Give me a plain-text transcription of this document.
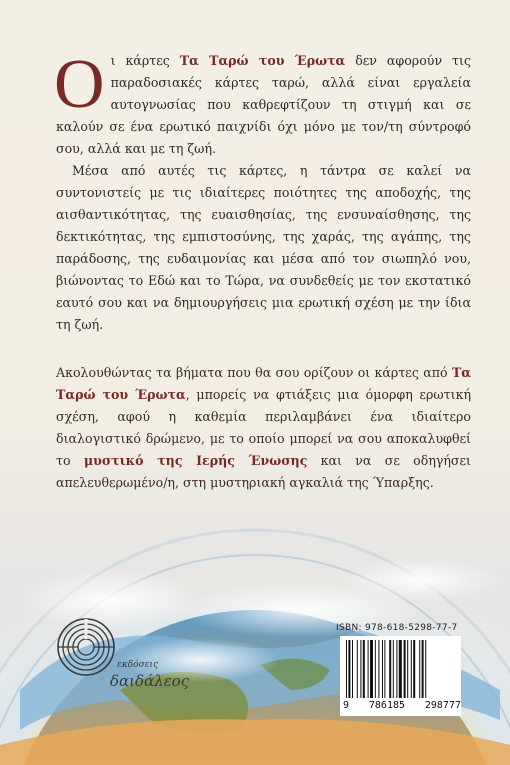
Ο ι κάρτες Τα Ταρώ του Έρωτα δεν αφορούν τις παραδοσιακές κάρτες ταρώ, αλλά είναι εργαλεία αυτογνωσίας που καθρεφτίζουν τη στιγμή και σε καλούν σε ένα ερωτικό παιχνίδι όχι μόνο με τον/τη σύντροφό σου, αλλά και με τη ζωή.

Μέσα από αυτές τις κάρτες, η τάντρα σε καλεί να συντονιστείς με τις ιδιαίτερες ποιότητες της αποδοχής, της αισθαντικότητας, της ευαισθησίας, της ενσυναίσθησης, της δεκτικότητας, της εμπιστοσύνης, της χαράς, της αγάπης, της παράδοσης, της ευδαιμονίας και μέσα από τον σιωπηλό νου, βιώνοντας το Εδώ και το Τώρα, να συνδεθείς με τον εκστατικό εαυτό σου και να δημιουργήσεις μια ερωτική σχέση με την ίδια τη ζωή.

Ακολουθώντας τα βήματα που θα σου ορίζουν οι κάρτες από Τα Ταρώ του Έρωτα, μπορείς να φτιάξεις μια όμορφη ερωτική σχέση, αφού η καθεμία περιλαμβάνει ένα ιδιαίτερο διαλογιστικό δρώμενο, με το οποίο μπορεί να σου αποκαλυφθεί το μυστικό της Ιερής Ένωσης και να σε οδηγήσει απελευθερωμένο/η, στη μυστηριακή αγκαλιά της Ύπαρξης.

εκδόσεις
δαιδάλεος
ISBN: 978-618-5298-77-7
9 786185 298777
